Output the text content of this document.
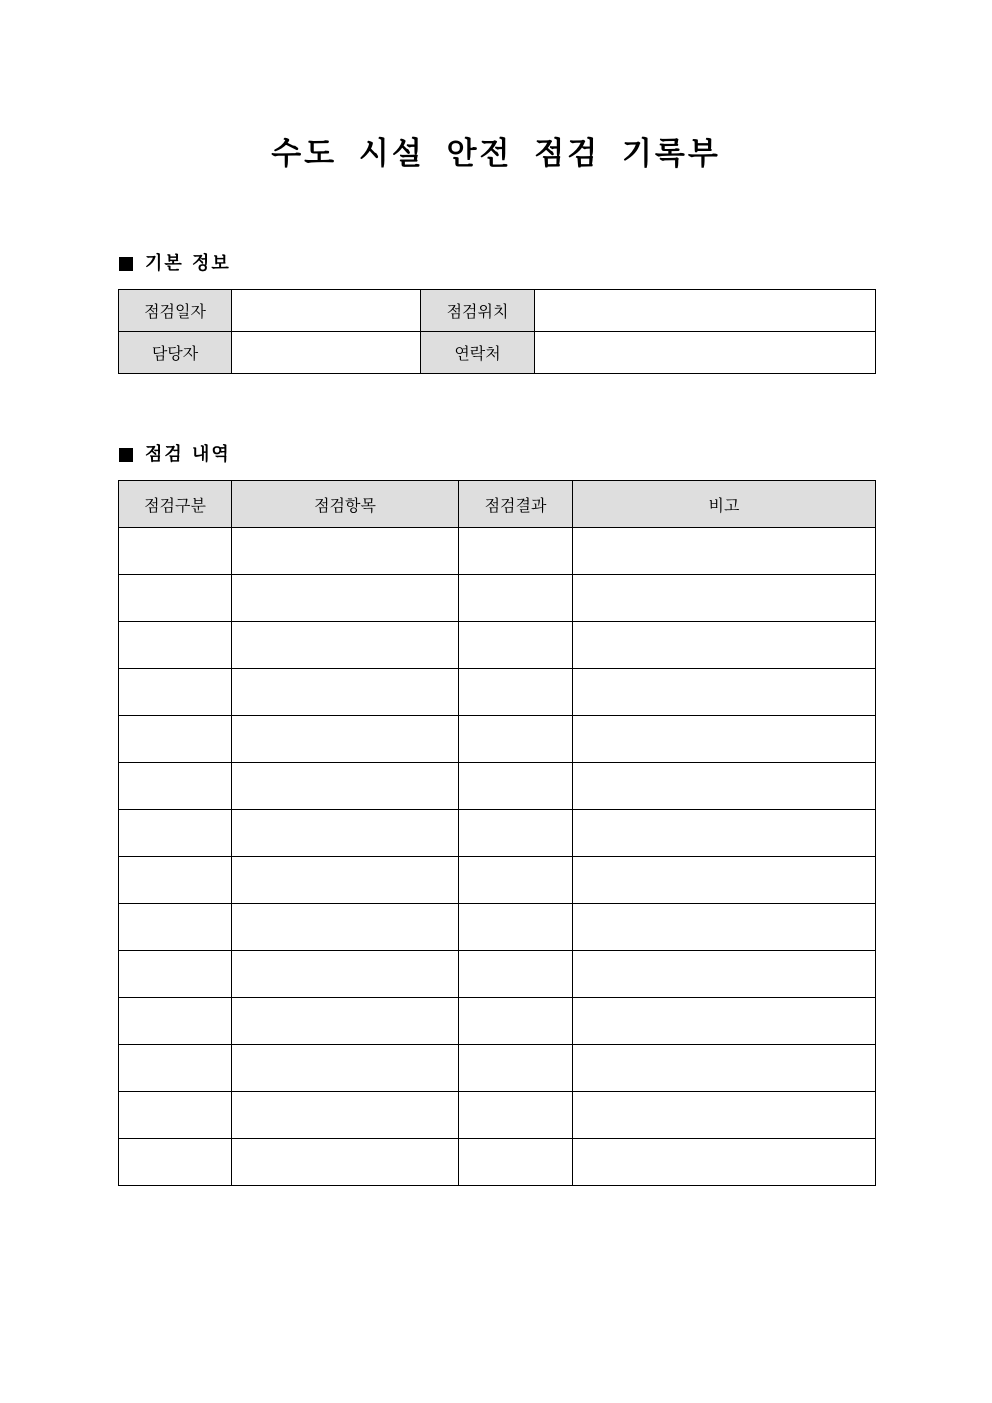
수도 시설 안전 점검 기록부
기본 정보
점검일자		점검위치	
담당자		연락처	
점검 내역
점검구분	점검항목	점검결과	비고
